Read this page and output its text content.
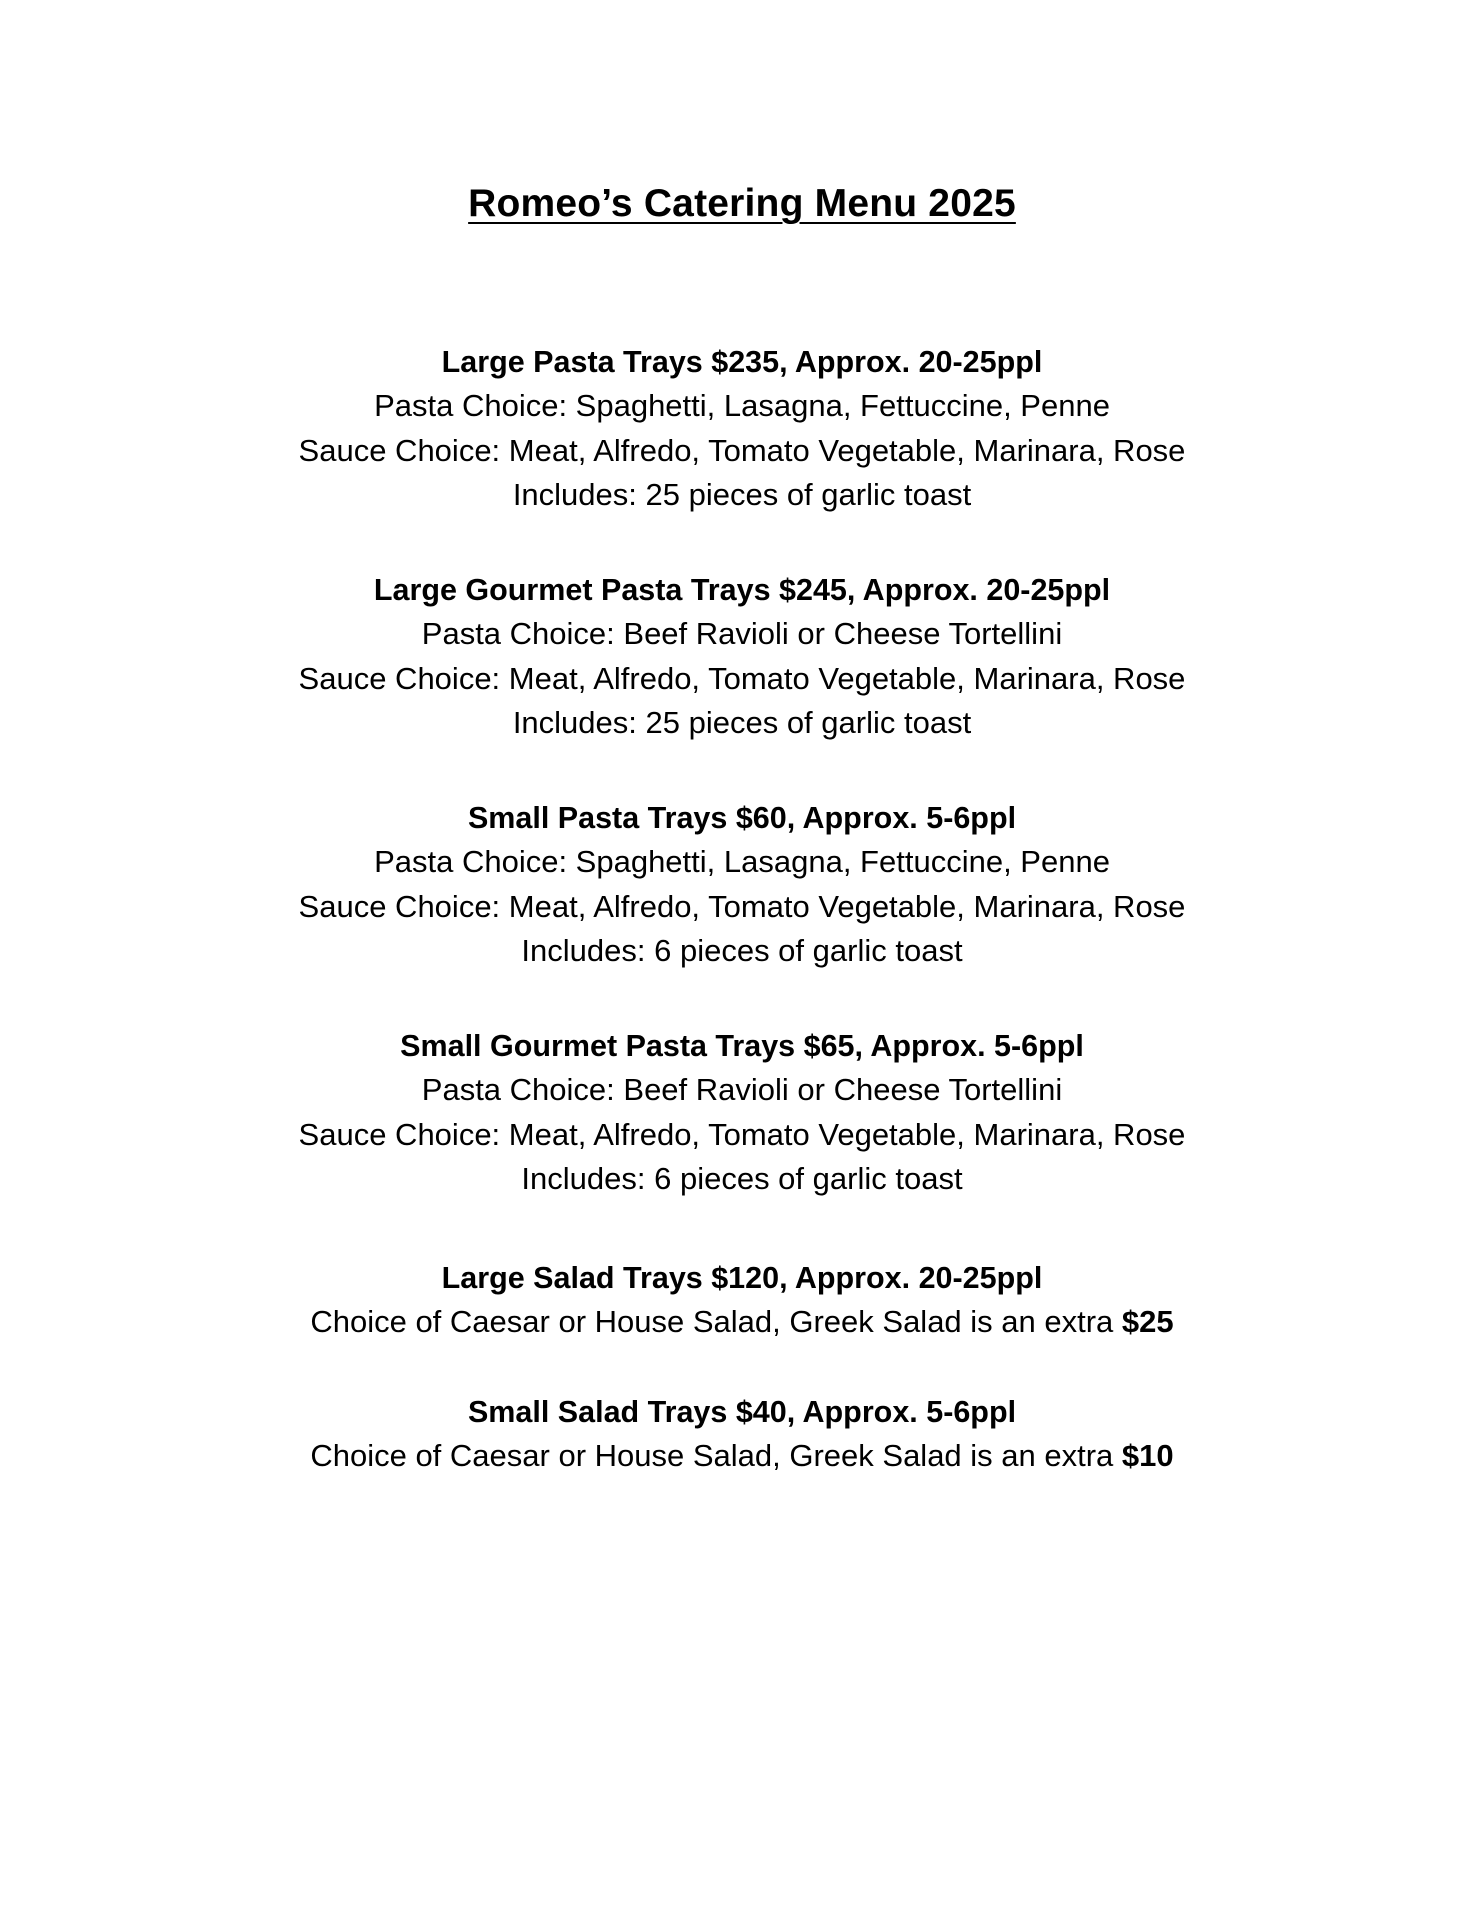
Romeo’s Catering Menu 2025
Large Pasta Trays $235, Approx. 20-25ppl
Pasta Choice: Spaghetti, Lasagna, Fettuccine, Penne
Sauce Choice: Meat, Alfredo, Tomato Vegetable, Marinara, Rose
Includes: 25 pieces of garlic toast
Large Gourmet Pasta Trays $245, Approx. 20-25ppl
Pasta Choice: Beef Ravioli or Cheese Tortellini
Sauce Choice: Meat, Alfredo, Tomato Vegetable, Marinara, Rose
Includes: 25 pieces of garlic toast
Small Pasta Trays $60, Approx. 5-6ppl
Pasta Choice: Spaghetti, Lasagna, Fettuccine, Penne
Sauce Choice: Meat, Alfredo, Tomato Vegetable, Marinara, Rose
Includes: 6 pieces of garlic toast
Small Gourmet Pasta Trays $65, Approx. 5-6ppl
Pasta Choice: Beef Ravioli or Cheese Tortellini
Sauce Choice: Meat, Alfredo, Tomato Vegetable, Marinara, Rose
Includes: 6 pieces of garlic toast
Large Salad Trays $120, Approx. 20-25ppl
Choice of Caesar or House Salad, Greek Salad is an extra $25
Small Salad Trays $40, Approx. 5-6ppl
Choice of Caesar or House Salad, Greek Salad is an extra $10
